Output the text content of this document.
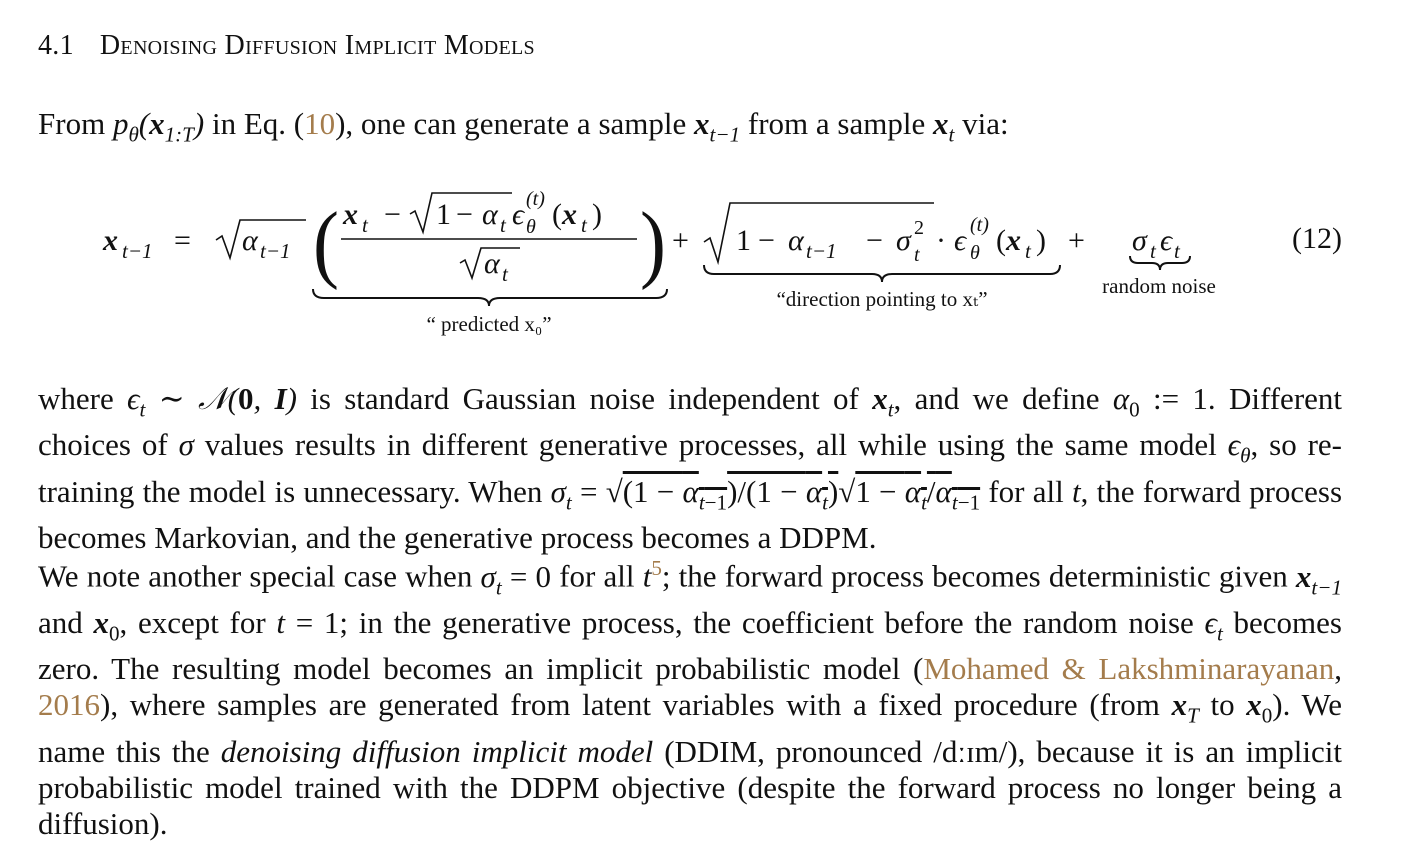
4.1 Denoising Diffusion Implicit Models
From $p_\theta(x_{1:T})$ in Eq. (10), one can generate a sample $x_{t-1}$ from a sample $x_t$ via:
x t−1 = α t−1 (	)
x t − 1 − α t ϵ (t)
θ ( x t )
α t
“ predicted x₀”
+ 1 − α t−1 − σ 2
t · ϵ (t)
θ ( x t ) +
“direction pointing to xₜ”
σ t ϵ t
random noise
(12)
where $\epsilon_t$ ∼ 𝒩(0, I) is standard Gaussian noise independent of $x_t$, and we define $\alpha_0$ := 1. Different choices of σ values results in different generative processes, all while using the same model $\epsilon_\theta$, so re-training the model is unnecessary. When $\sigma_t = √(1 - \alpha_{t-1})/(1 - \alpha_t)√1 - \alpha_t/\alpha_{t-1}$ for all t, the forward process becomes Markovian, and the generative process becomes a DDPM.
We note another special case when $\sigma_t = 0$ for all t$^5$; the forward process becomes deterministic given $x_{t-1}$ and $x_0$, except for t = 1; in the generative process, the coefficient before the random noise $\epsilon_t$ becomes zero. The resulting model becomes an implicit probabilistic model (Mohamed & Lakshminarayanan, 2016), where samples are generated from latent variables with a fixed procedure (from $x_T$ to $x_0$). We name this the denoising diffusion implicit model (DDIM, pronounced /dːɪm/), because it is an implicit probabilistic model trained with the DDPM objective (despite the forward process no longer being a diffusion).
